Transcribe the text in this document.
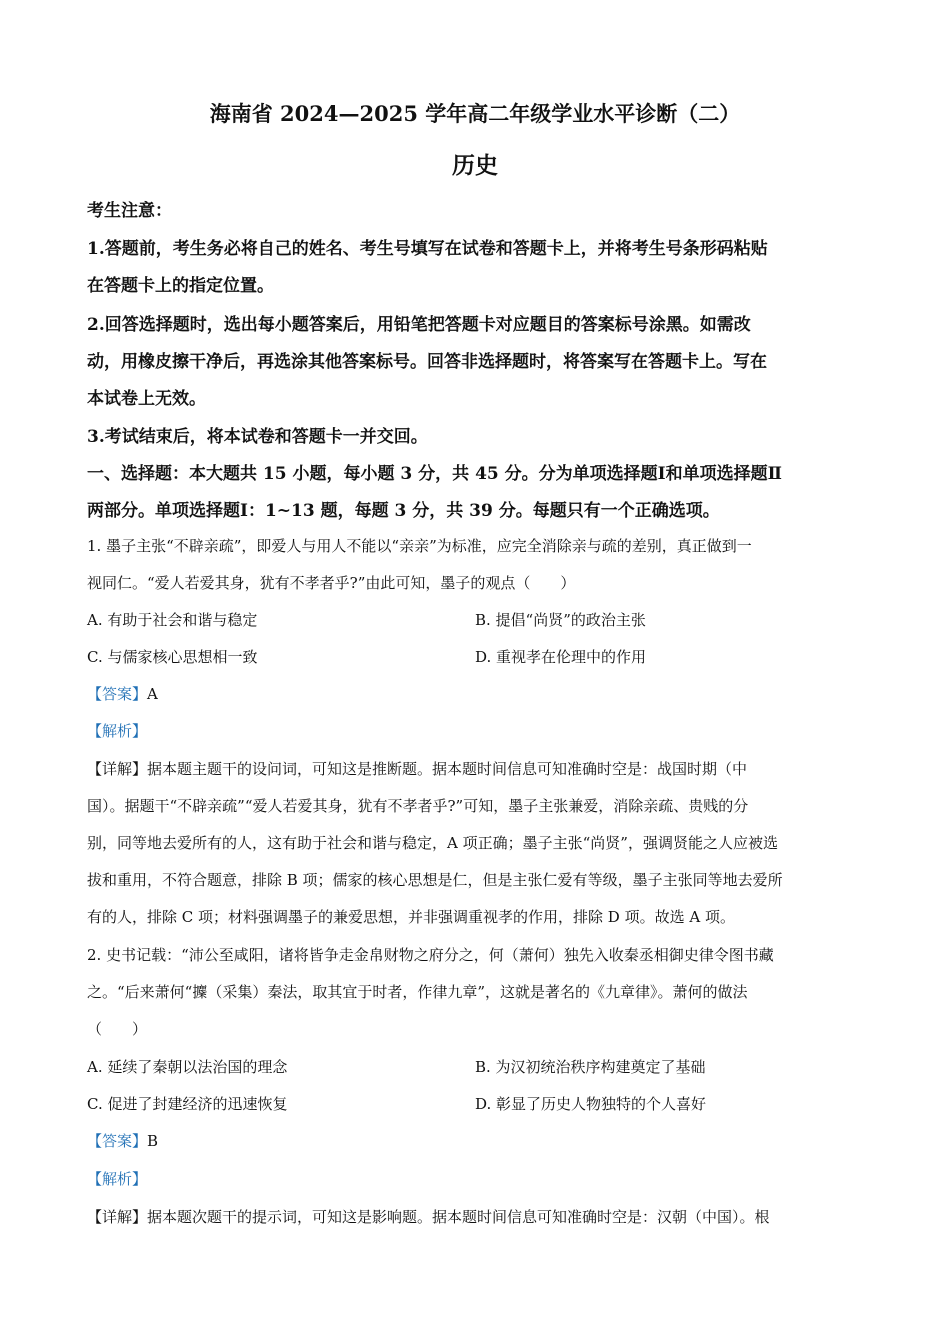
海南省 2024—2025 学年高二年级学业水平诊断（二）
历史
考生注意：
1.答题前，考生务必将自己的姓名、考生号填写在试卷和答题卡上，并将考生号条形码粘贴
在答题卡上的指定位置。
2.回答选择题时，选出每小题答案后，用铅笔把答题卡对应题目的答案标号涂黑。如需改
动，用橡皮擦干净后，再选涂其他答案标号。回答非选择题时，将答案写在答题卡上。写在
本试卷上无效。
3.考试结束后，将本试卷和答题卡一并交回。
一、选择题：本大题共 15 小题，每小题 3 分，共 45 分。分为单项选择题Ⅰ和单项选择题Ⅱ
两部分。单项选择题Ⅰ：1~13 题，每题 3 分，共 39 分。每题只有一个正确选项。
1. 墨子主张“不辟亲疏”，即爱人与用人不能以“亲亲”为标准，应完全消除亲与疏的差别，真正做到一
视同仁。“爱人若爱其身，犹有不孝者乎?”由此可知，墨子的观点（　　）
A. 有助于社会和谐与稳定	B. 提倡“尚贤”的政治主张
C. 与儒家核心思想相一致	D. 重视孝在伦理中的作用
【答案】A
【解析】
【详解】据本题主题干的设问词，可知这是推断题。据本题时间信息可知准确时空是：战国时期（中
国）。据题干“不辟亲疏”“爱人若爱其身，犹有不孝者乎?”可知，墨子主张兼爱，消除亲疏、贵贱的分
别，同等地去爱所有的人，这有助于社会和谐与稳定，A 项正确；墨子主张“尚贤”，强调贤能之人应被选
拔和重用，不符合题意，排除 B 项；儒家的核心思想是仁，但是主张仁爱有等级，墨子主张同等地去爱所
有的人，排除 C 项；材料强调墨子的兼爱思想，并非强调重视孝的作用，排除 D 项。故选 A 项。
2. 史书记载：“沛公至咸阳，诸将皆争走金帛财物之府分之，何（萧何）独先入收秦丞相御史律令图书藏
之。“后来萧何“攈（采集）秦法，取其宜于时者，作律九章”，这就是著名的《九章律》。萧何的做法
（　　）
A. 延续了秦朝以法治国的理念	B. 为汉初统治秩序构建奠定了基础
C. 促进了封建经济的迅速恢复	D. 彰显了历史人物独特的个人喜好
【答案】B
【解析】
【详解】据本题次题干的提示词，可知这是影响题。据本题时间信息可知准确时空是：汉朝（中国）。根
